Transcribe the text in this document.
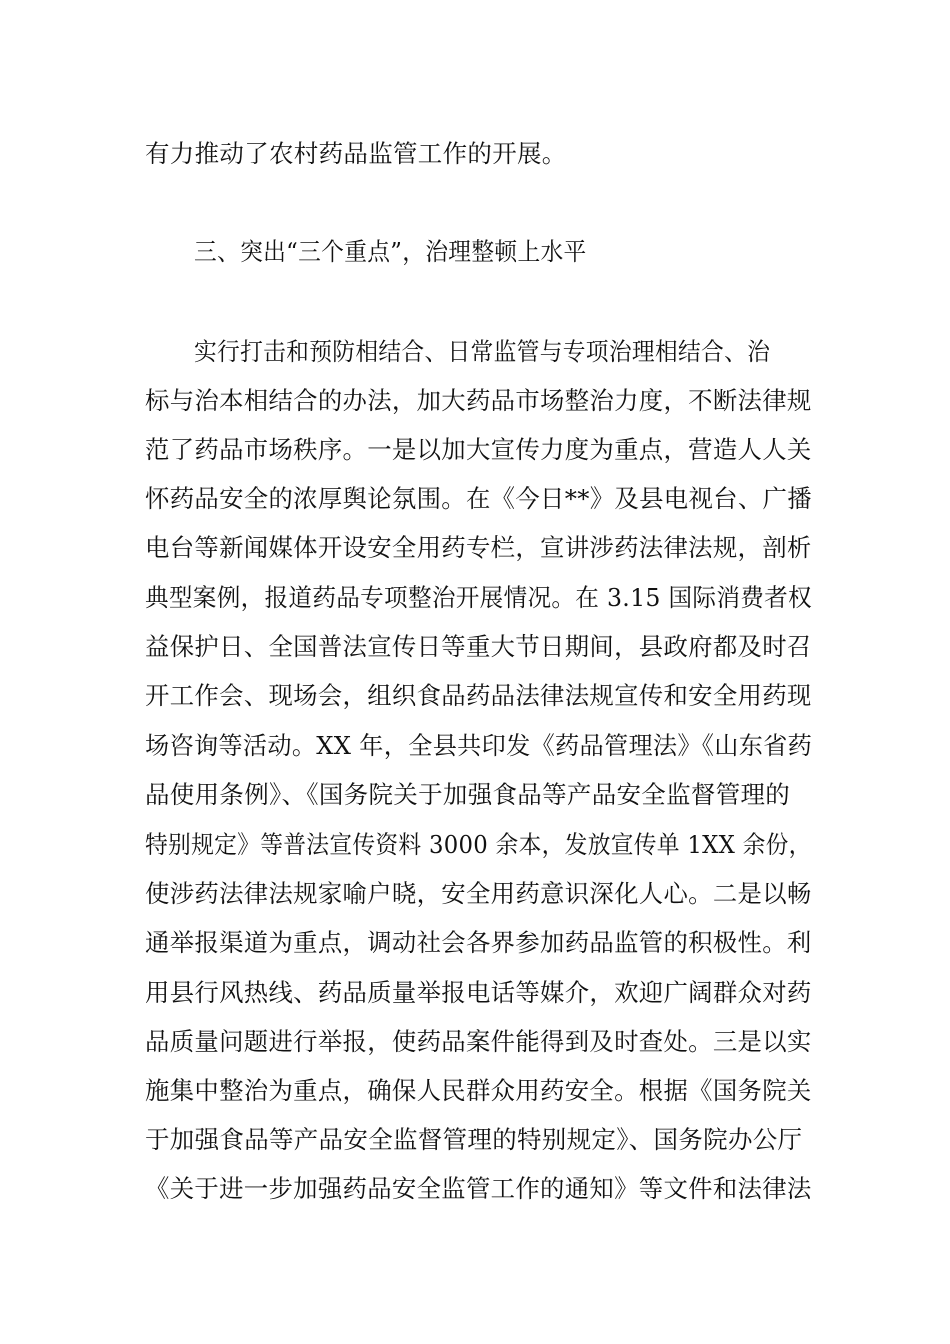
有力推动了农村药品监管工作的开展。
三、突出“三个重点”，治理整顿上水平
实行打击和预防相结合、日常监管与专项治理相结合、治
标与治本相结合的办法，加大药品市场整治力度，不断法律规
范了药品市场秩序。一是以加大宣传力度为重点，营造人人关
怀药品安全的浓厚舆论氛围。在《今日**》及县电视台、广播
电台等新闻媒体开设安全用药专栏，宣讲涉药法律法规，剖析
典型案例，报道药品专项整治开展情况。在 3.15 国际消费者权
益保护日、全国普法宣传日等重大节日期间，县政府都及时召
开工作会、现场会，组织食品药品法律法规宣传和安全用药现
场咨询等活动。XX 年，全县共印发《药品管理法》《山东省药
品使用条例》、《国务院关于加强食品等产品安全监督管理的
特别规定》等普法宣传资料 3000 余本，发放宣传单 1XX 余份，
使涉药法律法规家喻户晓，安全用药意识深化人心。二是以畅
通举报渠道为重点，调动社会各界参加药品监管的积极性。利
用县行风热线、药品质量举报电话等媒介，欢迎广阔群众对药
品质量问题进行举报，使药品案件能得到及时查处。三是以实
施集中整治为重点，确保人民群众用药安全。根据《国务院关
于加强食品等产品安全监督管理的特别规定》、国务院办公厅
《关于进一步加强药品安全监管工作的通知》等文件和法律法
